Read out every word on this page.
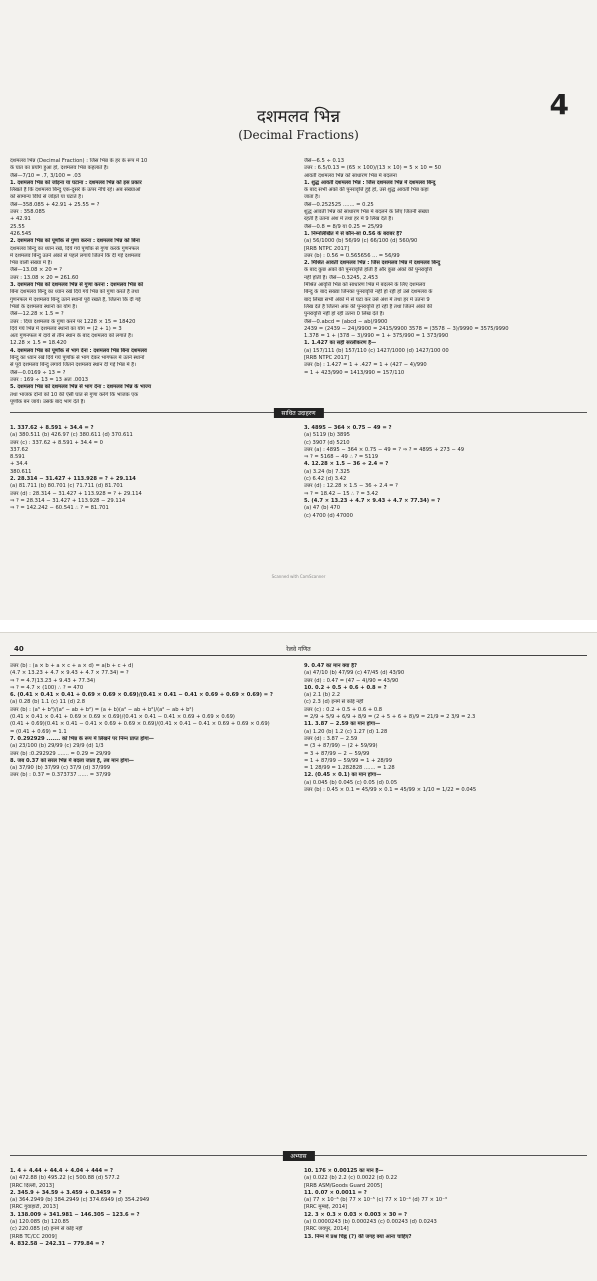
4
दशमलव भिन्न
(Decimal Fractions)
दशमलव भिन्न (Decimal Fraction) : जिस भिन्न के हर के रूप में 10
के घात का प्रयोग हुआ हो, दशमलव भिन्न कहलाते हैं।
जैसे—7/10 = .7, 3/100 = .03
1. दशमलव भिन्न को जोड़ना या घटाना : दशमलव भिन्न को इस प्रकार
लिखते हैं कि दशमलव बिन्दु एक-दूसरे के ऊपर नीचे रहें। अब संख्याओं
को सामान्य विधि से जोड़ते या घटाते हैं।
जैसे—358.085 + 42.91 + 25.55 = ?
उत्तर : 358.085
+ 42.91
25.55
426.545
2. दशमलव भिन्न को पूर्णांक से गुणा करना : दशमलव भिन्न को बिना
दशमलव बिन्दु का ध्यान रखे, दिये गये पूर्णांक से गुणा करके गुणनफल
में दशमलव बिन्दु उतने अंकों से पहले लगायें जितने कि दी गई दशमलव
भिन्न वाली संख्या में है।
जैसे—13.08 × 20 = ?
उत्तर : 13.08 × 20 = 261.60
3. दशमलव भिन्न को दशमलव भिन्न से गुणा करना : दशमलव भिन्न को
बिना दशमलव बिन्दु का ध्यान रखे दिये गये भिन्न को गुणा करते हैं तथा
गुणनफल में दशमलव बिन्दु उतने स्थानों पूर्व रखते हैं, जितना कि दी गई
भिन्नों के दशमलव स्थानों का योग है।
जैसे—12.28 × 1.5 = ?
उत्तर : दिया दशमलव के गुणा करने पर 1228 × 15 = 18420
दिये गये भिन्न में दशमलव स्थानों का योग = (2 + 1) = 3
अतः गुणनफल में दायें से तीन स्थान के बाद दशमलव को लगाते हैं।
12.28 × 1.5 = 18.420
4. दशमलव भिन्न को पूर्णांक से भाग देना : दशमलव भिन्न बिना दशमलव
बिन्दु का ध्यान रखे दिये गये पूर्णांक से भाग देकर भागफल में उतने स्थानों
से पूर्व दशमलव बिन्दु लगायें जितने दशमलव स्थान दी गई भिन्न में है।
जैसे—0.0169 ÷ 13 = ?
उत्तर : 169 ÷ 13 = 13 अतः .0013
5. दशमलव भिन्न को दशमलव भिन्न से भाग देना : दशमलव भिन्न के भाज्य
तथा भाजक दोनों को 10 की ऐसी घात से गुणा करेंगे कि भाजक एक
पूर्णांक बन जाये। उसके बाद भाग देते हैं।
जैसे—6.5 ÷ 0.13
उत्तर : 6.5/0.13 = (65 × 100)/(13 × 10) = 5 × 10 = 50
आवर्ती दशमलव भिन्न को साधारण भिन्न में बदलना
1. शुद्ध आवर्ती दशमलव भिन्न : जिस दशमलव भिन्न में दशमलव बिन्दु
के बाद सभी अंकों की पुनरावृत्ति हुई हो, उसे शुद्ध आवर्ती भिन्न कहा
जाता है।
जैसे—0.252525 ....... = 0.25
शुद्ध आवर्ती भिन्न को साधारण भिन्न में बदलने के लिए जितनी संख्या
रहती है उतना अंश में तथा हर में 9 लिख देते हैं।
जैसे—0.8 = 8/9 या 0.25 = 25/99
1. निम्नलिखित में से कौन-सा 0.56 के बराबर है?
(a) 56/1000 (b) 56/99 (c) 66/100 (d) 560/90
[RRB NTPC 2017]
उत्तर (b) : 0.56 = 0.565656 ... = 56/99
2. मिश्रित आवर्ती दशमलव भिन्न : जिस दशमलव भिन्न में दशमलव बिन्दु
के बाद कुछ अंकों की पुनरावृत्ति होती है और कुछ अंकों की पुनरावृत्ति
नहीं होती है। जैसे—0.3245, 2.453
मिश्रित आवृत्ति भिन्न को साधारण भिन्न में बदलने के लिए दशमलव
बिन्दु के बाद सख्या जिनका पुनरावृत्ति नहीं हो रही हो उसे दशमलव के
बाद लिखा सभी अंकों में से घटा कर उसे अंश में तथा हर में उतना 9
लिख देते हैं जितना अंक की पुनरावृत्ति हो रही है तथा जितने अंकों की
पुनरावृत्ति नहीं हो रही उतना 0 लिख देते हैं।
जैसे—0.abcd = (abcd − ab)/9900
2439 = (2439 − 24)/9900 = 2415/9900 3578 = (3578 − 3)/9990 = 3575/9990
1.378 = 1 + (378 − 3)/990 = 1 + 375/990 = 1 373/990
1. 1.427 का सही सरलीकरण है—
(a) 157/111 (b) 157/110 (c) 1427/1000 (d) 1427/100 00
[RRB NTPC 2017]
उत्तर (b) : 1.427 = 1 + .427 = 1 + (427 − 4)/990
= 1 + 423/990 = 1413/990 = 157/110
साधित उदाहरण
1. 337.62 + 8.591 + 34.4 = ?
(a) 380.511 (b) 426.97 (c) 380.611 (d) 370.611
उत्तर (c) : 337.62 + 8.591 + 34.4 = 0
337.62
8.591
+ 34.4
380.611
2. 28.314 − 31.427 + 113.928 = ? + 29.114
(a) 81.711 (b) 80.701 (c) 71.711 (d) 81.701
उत्तर (d) : 28.314 − 31.427 + 113.928 = ? + 29.114
⇒ ? = 28.314 − 31.427 + 113.928 − 29.114
⇒ ? = 142.242 − 60.541 ∴ ? = 81.701
3. 4895 − 364 × 0.75 − 49 = ?
(a) 5119 (b) 3895
(c) 3907 (d) 5210
उत्तर (a) : 4895 − 364 × 0.75 − 49 = ? ⇒ ? = 4895 + 273 − 49
⇒ ? = 5168 − 49 ∴ ? = 5119
4. 12.28 × 1.5 − 36 ÷ 2.4 = ?
(a) 3.24 (b) 7.325
(c) 6.42 (d) 3.42
उत्तर (d) : 12.28 × 1.5 − 36 ÷ 2.4 = ?
⇒ ? = 18.42 − 15 ∴ ? = 3.42
5. (4.7 × 13.23 + 4.7 × 9.43 + 4.7 × 77.34) = ?
(a) 47 (b) 470
(c) 4700 (d) 47000
Scanned with CamScanner
40	रेलवे गणित
उत्तर (b) : (a × b + a × c + a × d) = a(b + c + d)
(4.7 × 13.23 + 4.7 × 9.43 + 4.7 × 77.34) = ?
⇒ ? = 4.7(13.23 + 9.43 + 77.34)
⇒ ? = 4.7 × (100) ∴ ? = 470
6. (0.41 × 0.41 × 0.41 + 0.69 × 0.69 × 0.69)/(0.41 × 0.41 − 0.41 × 0.69 + 0.69 × 0.69) = ?
(a) 0.28 (b) 1.1 (c) 11 (d) 2.8
उत्तर (b) : (a³ + b³)/(a² − ab + b²) = (a + b)(a² − ab + b²)/(a² − ab + b²)
(0.41 × 0.41 × 0.41 + 0.69 × 0.69 × 0.69)/(0.41 × 0.41 − 0.41 × 0.69 + 0.69 × 0.69)
(0.41 + 0.69)(0.41 × 0.41 − 0.41 × 0.69 + 0.69 × 0.69)/(0.41 × 0.41 − 0.41 × 0.69 + 0.69 × 0.69)
= (0.41 + 0.69) = 1.1
7. 0.292929 ....... को भिन्न के रूप में लिखने पर निम्न प्राप्त होगा—
(a) 23/100 (b) 29/99 (c) 29/9 (d) 1/3
उत्तर (b) :0.292929 ....... = 0.29 = 29/99
8. जब 0.37 को सरल भिन्न में बदला जाता है, तब मान होगा—
(a) 37/90 (b) 37/99 (c) 37/9 (d) 37/999
उत्तर (b) : 0.37 = 0.373737 ...... = 37/99
9. 0.47 का मान क्या है?
(a) 47/10 (b) 47/99 (c) 47/45 (d) 43/90
उत्तर (d) : 0.47 = (47 − 4)/90 = 43/90
10. 0.2 + 0.5 + 0.6 + 0.8 = ?
(a) 2.1 (b) 2.2
(c) 2.3 (d) इनमें से कोई नहीं
उत्तर (c) : 0.2 + 0.5 + 0.6 + 0.8
= 2/9 + 5/9 + 6/9 + 8/9 = (2 + 5 + 6 + 8)/9 = 21/9 = 2 3/9 = 2.3
11. 3.87 − 2.59 का मान होगा—
(a) 1.20 (b) 1.2 (c) 1.27 (d) 1.28
उत्तर (d) : 3.87 − 2.59
= (3 + 87/99) − (2 + 59/99)
= 3 + 87/99 − 2 − 59/99
= 1 + 87/99 − 59/99 = 1 + 28/99
= 1 28/99 = 1.282828 ....... = 1.28
12. (0.45 × 0.1) का मान होगा—
(a) 0.045 (b) 0.045 (c) 0.05 (d) 0.05
उत्तर (b) : 0.45 × 0.1 = 45/99 × 0.1 = 45/99 × 1/10 = 1/22 = 0.045
अभ्यास
1. 4 + 4.44 + 44.4 + 4.04 + 444 = ?
(a) 472.88 (b) 495.22 (c) 500.88 (d) 577.2
[RRC दिल्ली, 2013]
2. 345.9 + 34.59 + 3.459 + 0.3459 = ?
(a) 364.2949 (b) 384.2949 (c) 374.6949 (d) 354.2949
[RRC गुवाहाटी, 2013]
3. 138.009 + 341.981 − 146.305 − 123.6 = ?
(a) 120.085 (b) 120.85
(c) 220.085 (d) इनमें से कोई नहीं
[RRB TC/CC 2009]
4. 832.58 − 242.31 − 779.84 = ?
10. 176 × 0.00125 का मान है—
(a) 0.022 (b) 2.2 (c) 0.0022 (d) 0.22
[RRB ASM/Goods Guard 2005]
11. 0.07 × 0.0011 = ?
(a) 77 × 10⁻⁶ (b) 77 × 10⁻⁵ (c) 77 × 10⁻⁴ (d) 77 × 10⁻³
[RRC मुम्बई, 2014]
12. 3 × 0.3 × 0.03 × 0.003 × 30 = ?
(a) 0.0000243 (b) 0.000243 (c) 0.00243 (d) 0.0243
[RRC जयपुर, 2014]
13. निम्न में प्रश्न चिह्न (?) की जगह क्या आना चाहिए?
